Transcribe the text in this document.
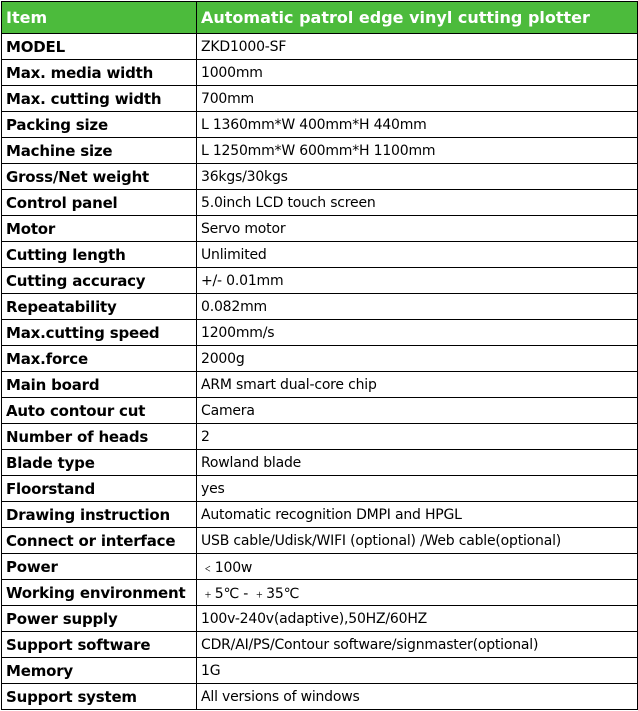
Item	Automatic patrol edge vinyl cutting plotter
MODEL	ZKD1000-SF
Max. media width	1000mm
Max. cutting width	700mm
Packing size	L 1360mm*W 400mm*H 440mm
Machine size	L 1250mm*W 600mm*H 1100mm
Gross/Net weight	36kgs/30kgs
Control panel	5.0inch LCD touch screen
Motor	Servo motor
Cutting length	Unlimited
Cutting accuracy	+/- 0.01mm
Repeatability	0.082mm
Max.cutting speed	1200mm/s
Max.force	2000g
Main board	ARM smart dual-core chip
Auto contour cut	Camera
Number of heads	2
Blade type	Rowland blade
Floorstand	yes
Drawing instruction	Automatic recognition DMPI and HPGL
Connect or interface	USB cable/Udisk/WIFI (optional) /Web cable(optional)
Power	﹤100w
Working environment	﹢5℃ - ﹢35℃
Power supply	100v-240v(adaptive),50HZ/60HZ
Support software	CDR/AI/PS/Contour software/signmaster(optional)
Memory	1G
Support system	All versions of windows
